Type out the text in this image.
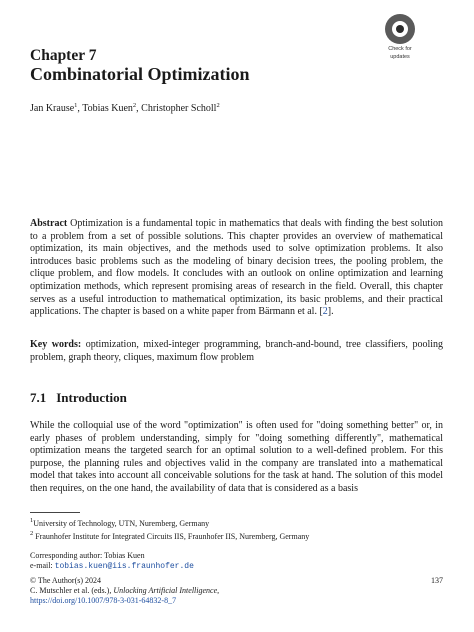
Check for
updates
Chapter 7
Combinatorial Optimization
Jan Krause$^1$, Tobias Kuen$^2$, Christopher Scholl$^2$
Abstract Optimization is a fundamental topic in mathematics that deals with finding the best solution to a problem from a set of possible solutions. This chapter provides an overview of mathematical optimization, its main objectives, and the methods used to solve optimization problems. It also introduces basic problems such as the modeling of binary decision trees, the pooling problem, the clique problem, and flow models. It concludes with an outlook on online optimization and learning optimization methods, which represent promising areas of research in the field. Overall, this chapter serves as a useful introduction to mathematical optimization, its basic problems, and their practical applications. The chapter is based on a white paper from Bärmann et al. [2].
Key words: optimization, mixed-integer programming, branch-and-bound, tree classifiers, pooling problem, graph theory, cliques, maximum flow problem
7.1 Introduction
While the colloquial use of the word "optimization" is often used for "doing something better" or, in early phases of problem understanding, simply for "doing something differently", mathematical optimization means the targeted search for an optimal solution to a well-defined problem. For this purpose, the planning rules and objectives valid in the company are translated into a mathematical model that takes into account all conceivable solutions for the task at hand. The solution of this model then requires, on the one hand, the availability of data that is considered as a basis
$^1$University of Technology, UTN, Nuremberg, Germany
$^2$ Fraunhofer Institute for Integrated Circuits IIS, Fraunhofer IIS, Nuremberg, Germany
Corresponding author: Tobias Kuen
e-mail: tobias.kuen@iis.fraunhofer.de
© The Author(s) 2024
C. Mutschler et al. (eds.), Unlocking Artificial Intelligence,
https://doi.org/10.1007/978-3-031-64832-8_7
137
